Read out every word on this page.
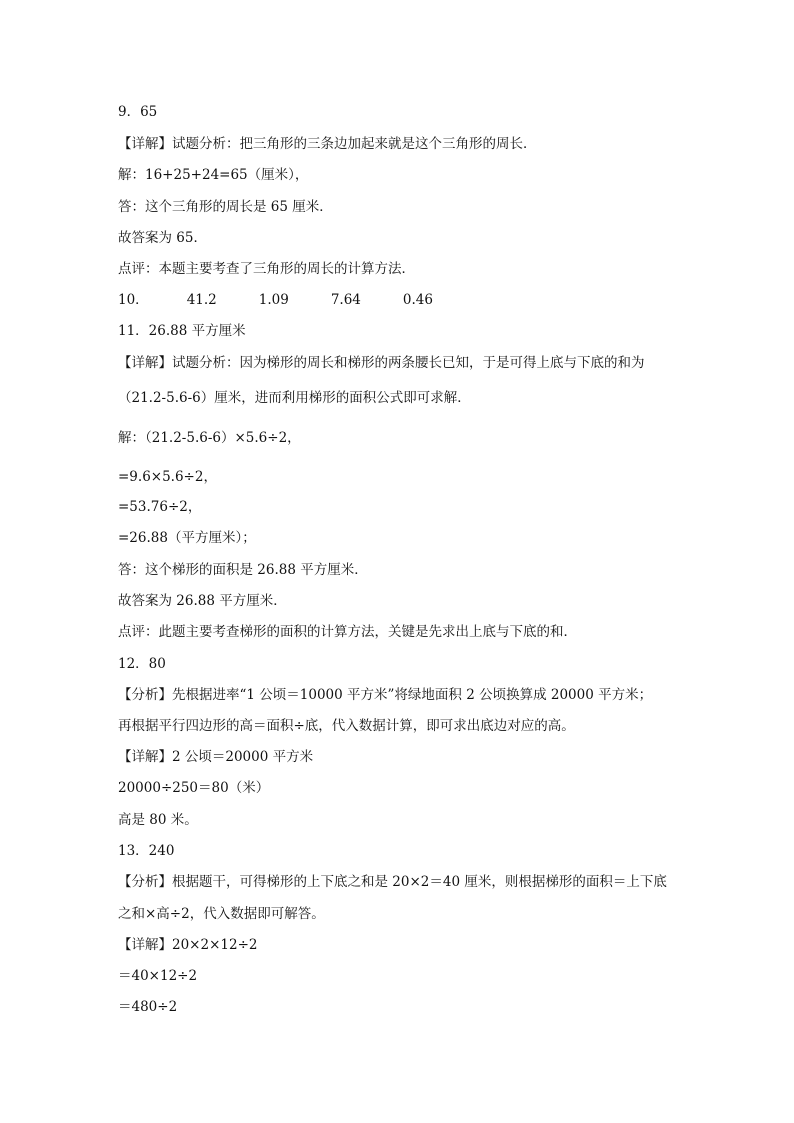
9．65
【详解】试题分析：把三角形的三条边加起来就是这个三角形的周长．
解：16+25+24=65（厘米），
答：这个三角形的周长是 65 厘米．
故答案为 65．
点评：本题主要考查了三角形的周长的计算方法．
10．	41.2	1.09	7.64	0.46
11．26.88 平方厘米
【详解】试题分析：因为梯形的周长和梯形的两条腰长已知，于是可得上底与下底的和为
（21.2-5.6-6）厘米，进而利用梯形的面积公式即可求解．
解：（21.2-5.6-6）×5.6÷2，
=9.6×5.6÷2，
=53.76÷2，
=26.88（平方厘米）；
答：这个梯形的面积是 26.88 平方厘米．
故答案为 26.88 平方厘米．
点评：此题主要考查梯形的面积的计算方法，关键是先求出上底与下底的和．
12．80
【分析】先根据进率“1 公顷＝10000 平方米”将绿地面积 2 公顷换算成 20000 平方米；
再根据平行四边形的高＝面积÷底，代入数据计算，即可求出底边对应的高。
【详解】2 公顷＝20000 平方米
20000÷250＝80（米）
高是 80 米。
13．240
【分析】根据题干，可得梯形的上下底之和是 20×2＝40 厘米，则根据梯形的面积＝上下底
之和×高÷2，代入数据即可解答。
【详解】20×2×12÷2
＝40×12÷2
＝480÷2
